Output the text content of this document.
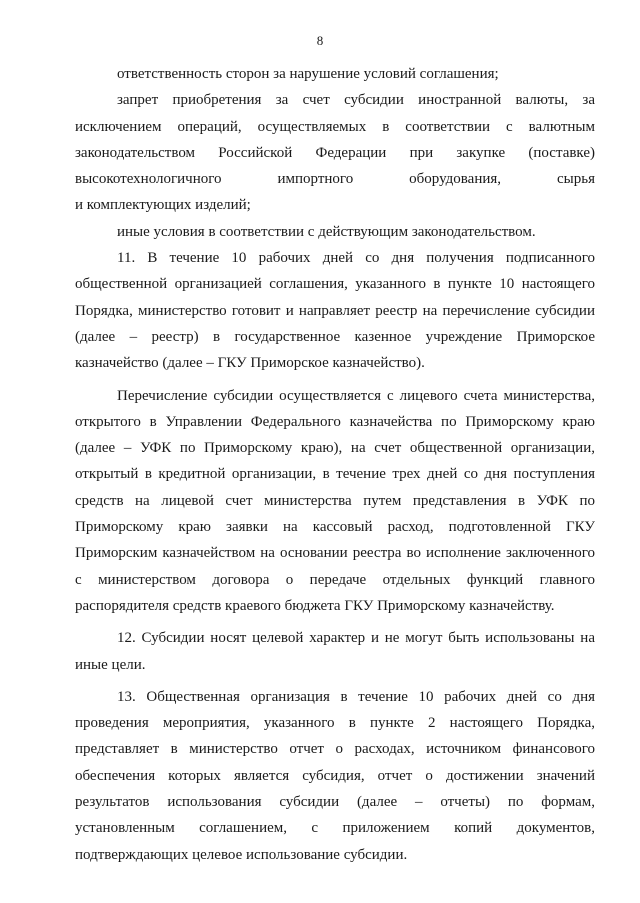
8

ответственность сторон за нарушение условий соглашения;

запрет приобретения за счет субсидии иностранной валюты, за исключением операций, осуществляемых в соответствии с валютным законодательством Российской Федерации при закупке (поставке) высокотехнологичного импортного оборудования, сырья

и комплектующих изделий;

иные условия в соответствии с действующим законодательством.

11. В течение 10 рабочих дней со дня получения подписанного общественной организацией соглашения, указанного в пункте 10 настоящего Порядка, министерство готовит и направляет реестр на перечисление субсидии (далее – реестр) в государственное казенное учреждение Приморское казначейство (далее – ГКУ Приморское казначейство).

Перечисление субсидии осуществляется с лицевого счета министерства, открытого в Управлении Федерального казначейства по Приморскому краю (далее – УФК по Приморскому краю), на счет общественной организации, открытый в кредитной организации, в течение трех дней со дня поступления средств на лицевой счет министерства путем представления в УФК по Приморскому краю заявки на кассовый расход, подготовленной ГКУ Приморским казначейством на основании реестра во исполнение заключенного с министерством договора о передаче отдельных функций главного распорядителя средств краевого бюджета ГКУ Приморскому казначейству.

12. Субсидии носят целевой характер и не могут быть использованы на иные цели.

13. Общественная организация в течение 10 рабочих дней со дня проведения мероприятия, указанного в пункте 2 настоящего Порядка, представляет в министерство отчет о расходах, источником финансового обеспечения которых является субсидия, отчет о достижении значений результатов использования субсидии (далее – отчеты) по формам, установленным соглашением, с приложением копий документов, подтверждающих целевое использование субсидии.
